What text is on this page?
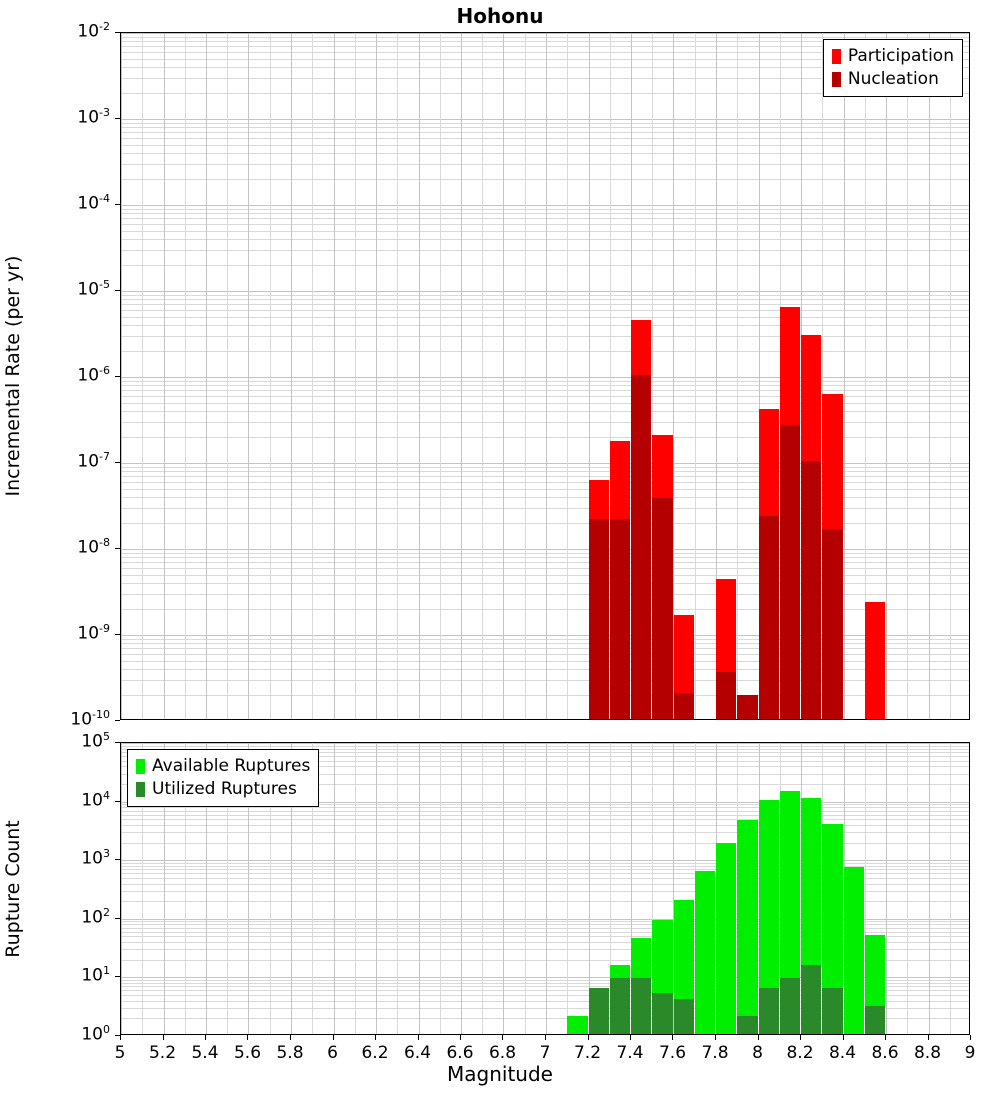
Hohonu
Participation
Nucleation
Available Ruptures
Utilized Ruptures
$10^{-10}$
$10^{-9}$
$10^{-8}$
$10^{-7}$
$10^{-6}$
$10^{-5}$
$10^{-4}$
$10^{-3}$
$10^{-2}$
$10^0$
$10^1$
$10^2$
$10^3$
$10^4$
$10^5$
5	5.2 5.4 5.6 5.8	6	6.2 6.4 6.6 6.8	7	7.2 7.4 7.6 7.8	8	8.2 8.4 8.6 8.8	9
Incremental Rate (per yr)
Rupture Count
Magnitude
